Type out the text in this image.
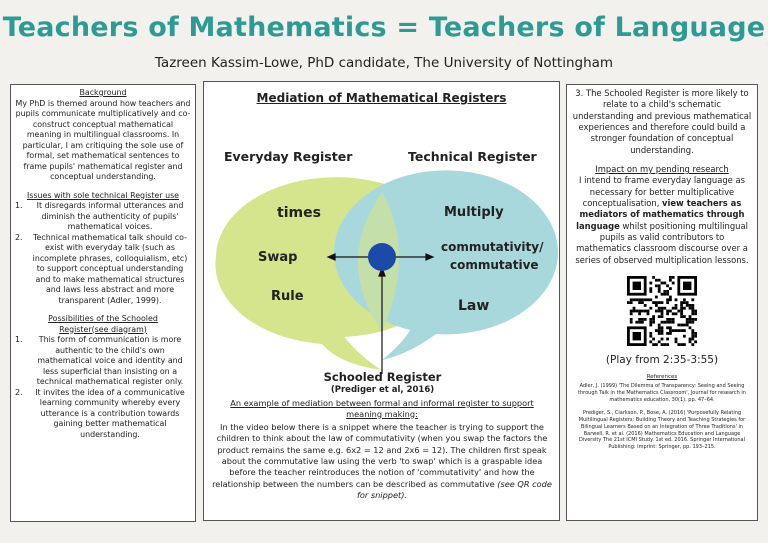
Teachers of Mathematics = Teachers of Language
Tazreen Kassim-Lowe, PhD candidate, The University of Nottingham
Background
My PhD is themed around how teachers and pupils communicate multiplicatively and co-construct conceptual mathematical meaning in multilingual classrooms. In particular, I am critiquing the sole use of formal, set mathematical sentences to frame pupils' mathematical register and conceptual understanding.
Issues with sole technical Register use
1.	It disregards informal utterances and diminish the authenticity of pupils' mathematical voices.
2.	Technical mathematical talk should co-exist with everyday talk (such as incomplete phrases, colloquialism, etc) to support conceptual understanding and to make mathematical structures and laws less abstract and more transparent (Adler, 1999).
Possibilities of the Schooled
Register(see diagram)
1.	This form of communication is more authentic to the child's own mathematical voice and identity and less superficial than insisting on a technical mathematical register only.
2.	It invites the idea of a communicative learning community whereby every utterance is a contribution towards gaining better mathematical understanding.
Mediation of Mathematical Registers
Everyday Register	Technical Register
times
Swap
Rule
Multiply
commutativity/
commutative
Law
Schooled Register
(Prediger et al, 2016)
An example of mediation between formal and informal register to support meaning making:
In the video below there is a snippet where the teacher is trying to support the children to think about the law of commutativity (when you swap the factors the product remains the same e.g. 6x2 = 12 and 2x6 = 12). The children first speak about the commutative law using the verb 'to swap' which is a graspable idea before the teacher reintroduces the notion of 'commutativity' and how the relationship between the numbers can be described as commutative (see QR code for snippet).
3. The Schooled Register is more likely to relate to a child's schematic understanding and previous mathematical experiences and therefore could build a stronger foundation of conceptual understanding.
Impact on my pending research
I intend to frame everyday language as necessary for better multiplicative conceptualisation, view teachers as mediators of mathematics through language whilst positioning multilingual pupils as valid contributors to mathematics classroom discourse over a series of observed multiplication lessons.
(Play from 2:35-3:55)
References
Adler, J. (1999) 'The Dilemma of Transparency: Seeing and Seeing through Talk in the Mathematics Classroom', Journal for research in mathematics education, 30(1), pp. 47–64.
Prediger, S., Clarkson, P., Bose, A. (2016) 'Purposefully Relating Multilingual Registers: Building Theory and Teaching Strategies for Bilingual Learners Based on an Integration of Three Traditions' in Barwell, R. et al. (2016) Mathematics Education and Language Diversity The 21st ICMI Study. 1st ed. 2016. Springer International Publishing: Imprint: Springer, pp. 193–215.
